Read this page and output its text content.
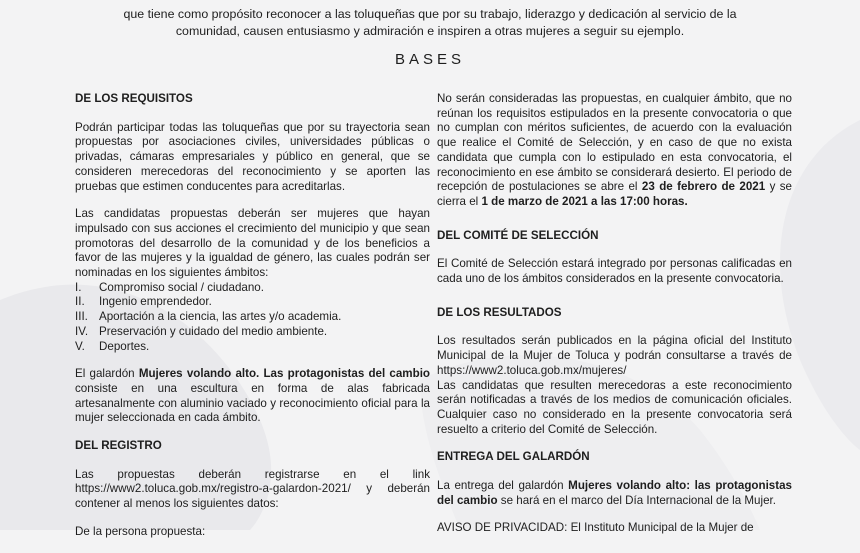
que tiene como propósito reconocer a las toluqueñas que por su trabajo, liderazgo y dedicación al servicio de la comunidad, causen entusiasmo y admiración e inspiren a otras mujeres a seguir su ejemplo.
BASES
DE LOS REQUISITOS
Podrán participar todas las toluqueñas que por su trayectoria sean propuestas por asociaciones civiles, universidades públicas o privadas, cámaras empresariales y público en general, que se consideren merecedoras del reconocimiento y se aporten las pruebas que estimen conducentes para acreditarlas.
Las candidatas propuestas deberán ser mujeres que hayan impulsado con sus acciones el crecimiento del municipio y que sean promotoras del desarrollo de la comunidad y de los beneficios a favor de las mujeres y la igualdad de género, las cuales podrán ser nominadas en los siguientes ámbitos:
I.	Compromiso social / ciudadano.
II.	Ingenio emprendedor.
III. Aportación a la ciencia, las artes y/o academia.
IV. Preservación y cuidado del medio ambiente.
V.	Deportes.
El galardón Mujeres volando alto. Las protagonistas del cambio consiste en una escultura en forma de alas fabricada artesanalmente con aluminio vaciado y reconocimiento oficial para la mujer seleccionada en cada ámbito.
DEL REGISTRO
Las propuestas deberán registrarse en el link https://www2.toluca.gob.mx/registro-a-galardon-2021/ y deberán contener al menos los siguientes datos:
De la persona propuesta:
No serán consideradas las propuestas, en cualquier ámbito, que no reúnan los requisitos estipulados en la presente convocatoria o que no cumplan con méritos suficientes, de acuerdo con la evaluación que realice el Comité de Selección, y en caso de que no exista candidata que cumpla con lo estipulado en esta convocatoria, el reconocimiento en ese ámbito se considerará desierto. El periodo de recepción de postulaciones se abre el 23 de febrero de 2021 y se cierra el 1 de marzo de 2021 a las 17:00 horas.
DEL COMITÉ DE SELECCIÓN
El Comité de Selección estará integrado por personas calificadas en cada uno de los ámbitos considerados en la presente convocatoria.
DE LOS RESULTADOS
Los resultados serán publicados en la página oficial del Instituto Municipal de la Mujer de Toluca y podrán consultarse a través de https://www2.toluca.gob.mx/mujeres/
Las candidatas que resulten merecedoras a este reconocimiento serán notificadas a través de los medios de comunicación oficiales. Cualquier caso no considerado en la presente convocatoria será resuelto a criterio del Comité de Selección.
ENTREGA DEL GALARDÓN
La entrega del galardón Mujeres volando alto: las protagonistas del cambio se hará en el marco del Día Internacional de la Mujer.
AVISO DE PRIVACIDAD: El Instituto Municipal de la Mujer de
